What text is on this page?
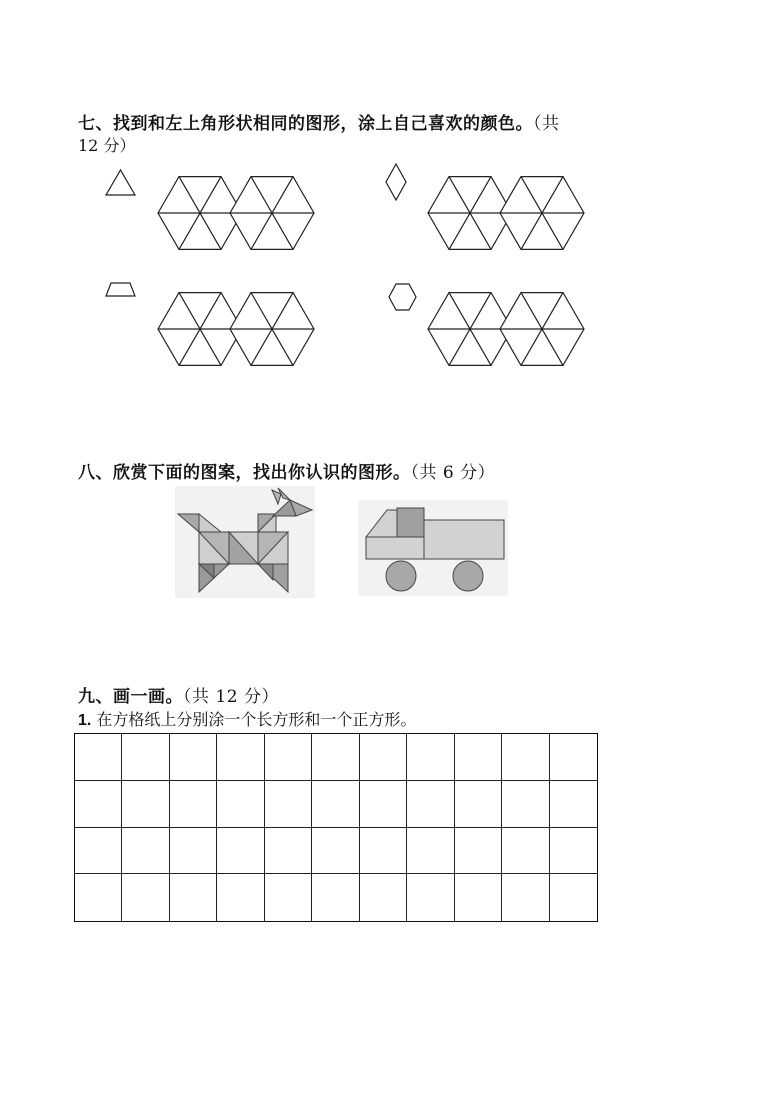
七、找到和左上角形状相同的图形，涂上自己喜欢的颜色。（共
12 分）
八、欣赏下面的图案，找出你认识的图形。（共 6 分）
九、画一画。（共 12 分）
1. 在方格纸上分别涂一个长方形和一个正方形。
